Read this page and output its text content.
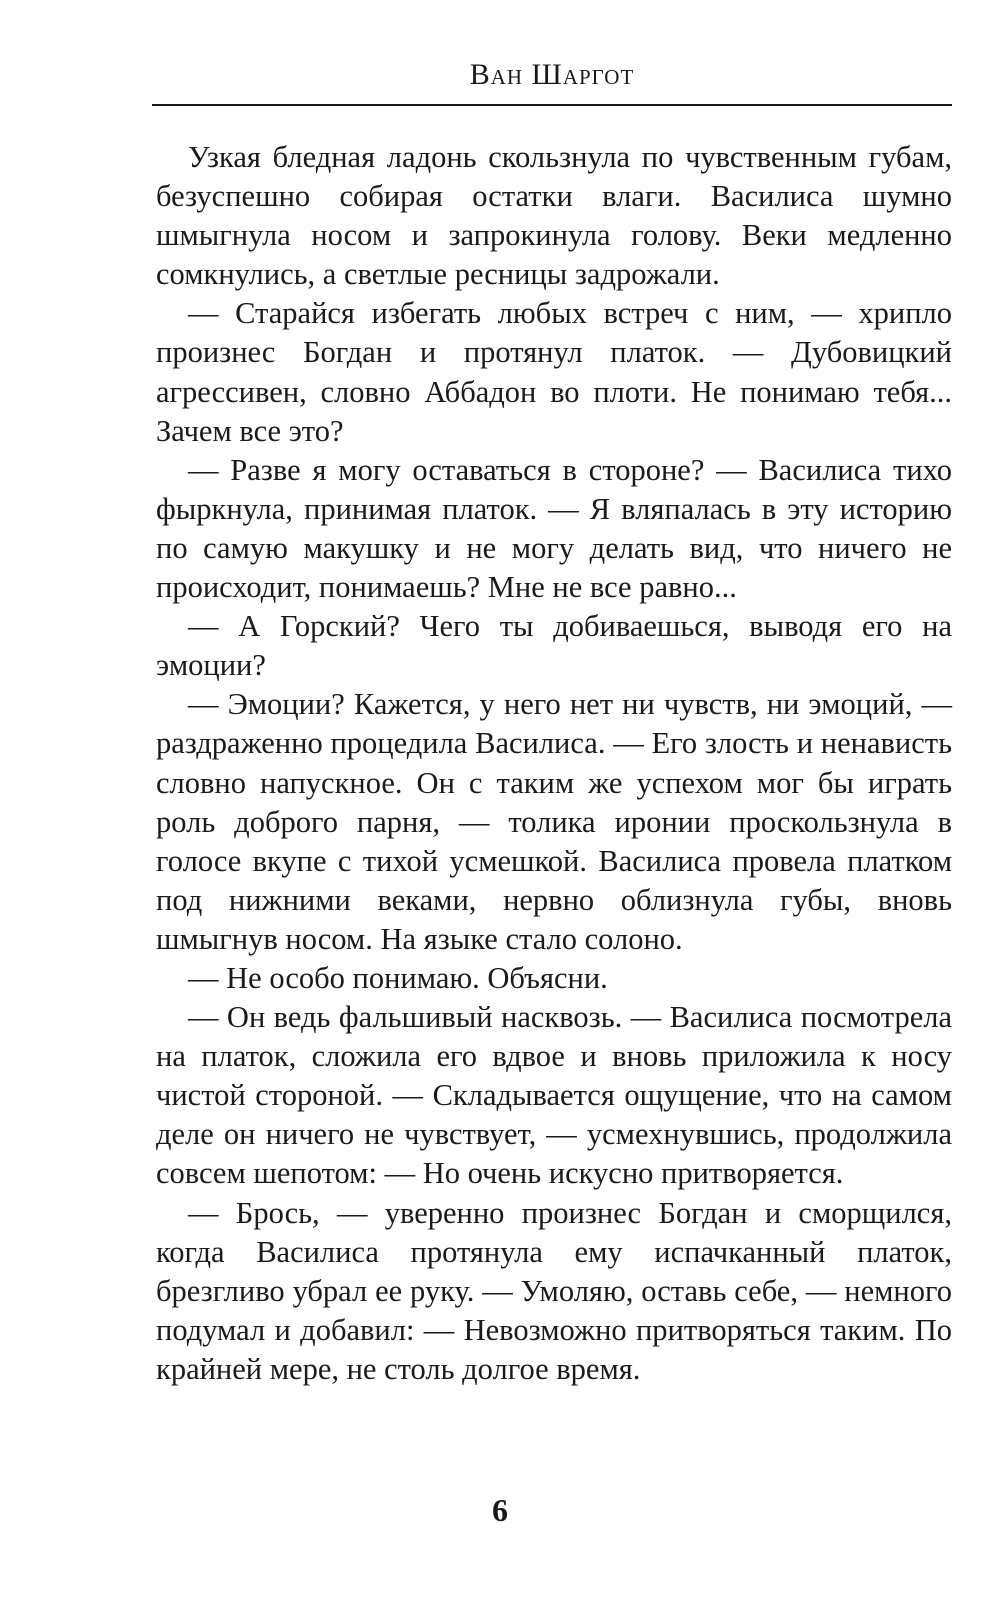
Ван Шаргот

Узкая бледная ладонь скользнула по чувственным губам, безуспешно собирая остатки влаги. Василиса шумно шмыгнула носом и запрокинула голову. Веки медленно сомкнулись, а светлые ресницы задрожали.

— Старайся избегать любых встреч с ним, — хрипло произнес Богдан и протянул платок. — Дубовицкий агрессивен, словно Аббадон во плоти. Не понимаю тебя... Зачем все это?

— Разве я могу оставаться в стороне? — Василиса тихо фыркнула, принимая платок. — Я вляпалась в эту историю по самую макушку и не могу делать вид, что ничего не происходит, понимаешь? Мне не все равно...

— А Горский? Чего ты добиваешься, выводя его на эмоции?

— Эмоции? Кажется, у него нет ни чувств, ни эмоций, — раздраженно процедила Василиса. — Его злость и ненависть словно напускное. Он с таким же успехом мог бы играть роль доброго парня, — толика иронии проскользнула в голосе вкупе с тихой усмешкой. Василиса провела платком под нижними веками, нервно облизнула губы, вновь шмыгнув носом. На языке стало солоно.

— Не особо понимаю. Объясни.

— Он ведь фальшивый насквозь. — Василиса посмотрела на платок, сложила его вдвое и вновь приложила к носу чистой стороной. — Складывается ощущение, что на самом деле он ничего не чувствует, — усмехнувшись, продолжила совсем шепотом: — Но очень искусно притворяется.

— Брось, — уверенно произнес Богдан и сморщился, когда Василиса протянула ему испачканный платок, брезгливо убрал ее руку. — Умоляю, оставь себе, — немного подумал и добавил: — Невозможно притворяться таким. По крайней мере, не столь долгое время.

6
